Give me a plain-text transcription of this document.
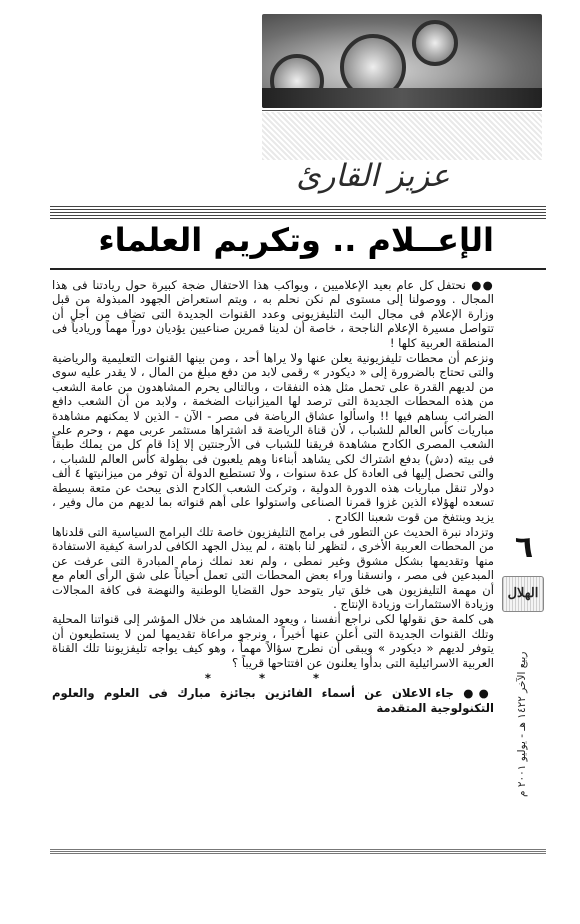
عزيز القارئ
الإعــلام .. وتكريم العلماء

●● نحتفل كل عام بعيد الإعلاميين ، ويواكب هذا الاحتفال ضجة كبيرة حول ريادتنا فى هذا المجال . ووصولنا إلى مستوى لم نكن نحلم به ، ويتم استعراض الجهود المبذولة من قبل وزارة الإعلام فى مجال البث التليفزيونى وعدد القنوات الجديدة التى تضاف من أجل أن تتواصل مسيرة الإعلام الناجحة ، خاصة أن لدينا قمرين صناعيين يؤديان دوراً مهماً وريادياً فى المنطقة العربية كلها !

ونزعم أن محطات تليفزيونية يعلن عنها ولا يراها أحد ، ومن بينها القنوات التعليمية والرياضية والتى تحتاج بالضرورة إلى « ديكودر » رقمى لابد من دفع مبلغ من المال ، لا يقدر عليه سوى من لديهم القدرة على تحمل مثل هذه النفقات ، وبالتالى يحرم المشاهدون من عامة الشعب من هذه المحطات الجديدة التى ترصد لها الميزانيات الضخمة ، ولابد من أن الشعب دافع الضرائب يساهم فيها !! واسألوا عشاق الرياضة فى مصر - الآن - الذين لا يمكنهم مشاهدة مباريات كأس العالم للشباب ، لأن قناة الرياضة قد اشتراها مستثمر عربى مهم ، وحرم على الشعب المصرى الكادح مشاهدة فريقنا للشباب فى الأرجنتين إلا إذا قام كل من يملك طبقاً فى بيته (دش) بدفع اشتراك لكى يشاهد أبناءنا وهم يلعبون فى بطولة كأس العالم للشباب ، والتى تحصل إليها فى العادة كل عدة سنوات ، ولا تستطيع الدولة أن توفر من ميزانيتها ٤ ألف دولار تنقل مباريات هذه الدورة الدولية ، وتركت الشعب الكادح الذى يبحث عن متعة بسيطة تسعده لهؤلاء الذين غزوا قمرنا الصناعى واستولوا على أهم قنواته بما لديهم من مال وفير ، يزيد وينتفخ من قوت شعبنا الكادح .

وتزداد نبرة الحديث عن التطور فى برامج التليفزيون خاصة تلك البرامج السياسية التى قلدناها من المحطات العربية الأخرى ، لتظهر لنا باهتة ، لم يبذل الجهد الكافى لدراسة كيفية الاستفادة منها وتقديمها بشكل مشوق وغير نمطى ، ولم نعد نملك زمام المبادرة التى عرفت عن المبدعين فى مصر ، وانسقنا وراء بعض المحطات التى تعمل أحياناً على شق الرأى العام مع أن مهمة التليفزيون هى خلق تيار يتوحد حول القضايا الوطنية والنهضة فى كافة المجالات وزيادة الاستثمارات وزيادة الإنتاج .

هى كلمة حق نقولها لكى نراجع أنفسنا ، ويعود المشاهد من خلال المؤشر إلى قنواتنا المحلية وتلك القنوات الجديدة التى أعلن عنها أخيراً ، ونرجو مراعاة تقديمها لمن لا يستطيعون أن يتوفر لديهم « ديكودر » ويبقى أن نطرح سؤالاً مهماً ، وهو كيف يواجه تليفزيوننا تلك القناة العربية الاسرائيلية التى بدأوا يعلنون عن افتتاحها قريباً ؟

* * *

●● جاء الاعلان عن أسماء الفائزين بجائزة مبارك فى العلوم والعلوم التكنولوجية المتقدمة

٦
الهلال
ربيع الآخر ١٤٢٢ هـ - يوليو ٢٠٠١ م
